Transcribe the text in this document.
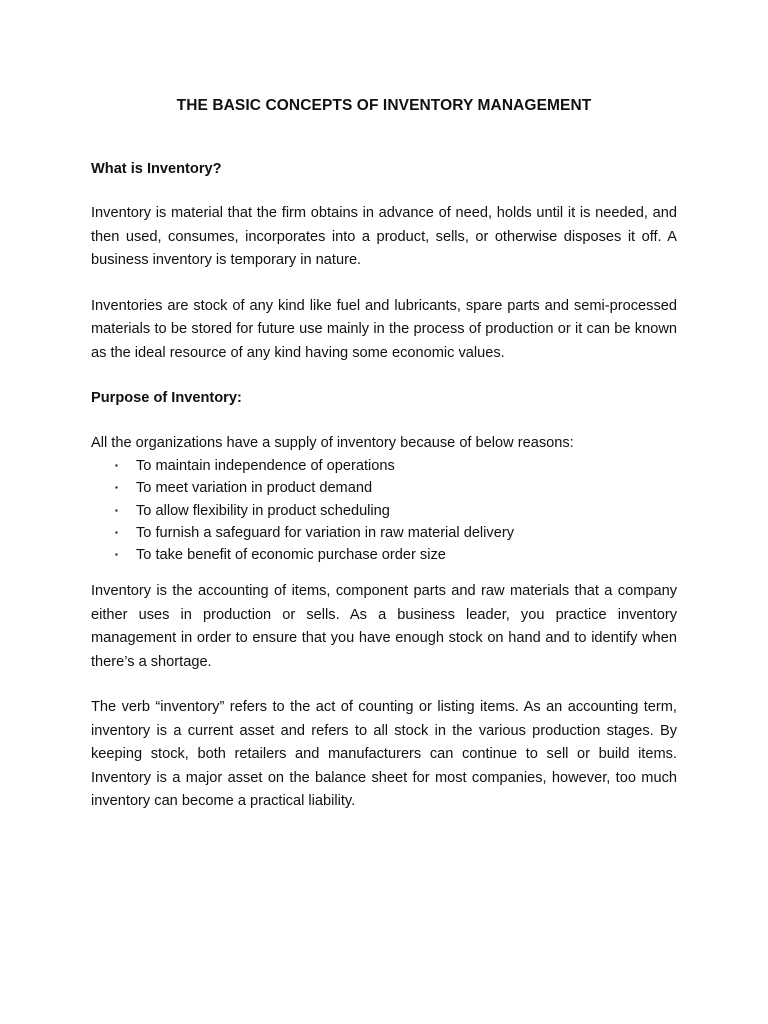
THE BASIC CONCEPTS OF INVENTORY MANAGEMENT
What is Inventory?

Inventory is material that the firm obtains in advance of need, holds until it is needed, and then used, consumes, incorporates into a product, sells, or otherwise disposes it off. A business inventory is temporary in nature.

Inventories are stock of any kind like fuel and lubricants, spare parts and semi-processed materials to be stored for future use mainly in the process of production or it can be known as the ideal resource of any kind having some economic values.

Purpose of Inventory:

All the organizations have a supply of inventory because of below reasons:

▪ To maintain independence of operations
▪ To meet variation in product demand
▪ To allow flexibility in product scheduling
▪ To furnish a safeguard for variation in raw material delivery
▪ To take benefit of economic purchase order size

Inventory is the accounting of items, component parts and raw materials that a company either uses in production or sells. As a business leader, you practice inventory management in order to ensure that you have enough stock on hand and to identify when there’s a shortage.

The verb “inventory” refers to the act of counting or listing items. As an accounting term, inventory is a current asset and refers to all stock in the various production stages. By keeping stock, both retailers and manufacturers can continue to sell or build items. Inventory is a major asset on the balance sheet for most companies, however, too much inventory can become a practical liability.
